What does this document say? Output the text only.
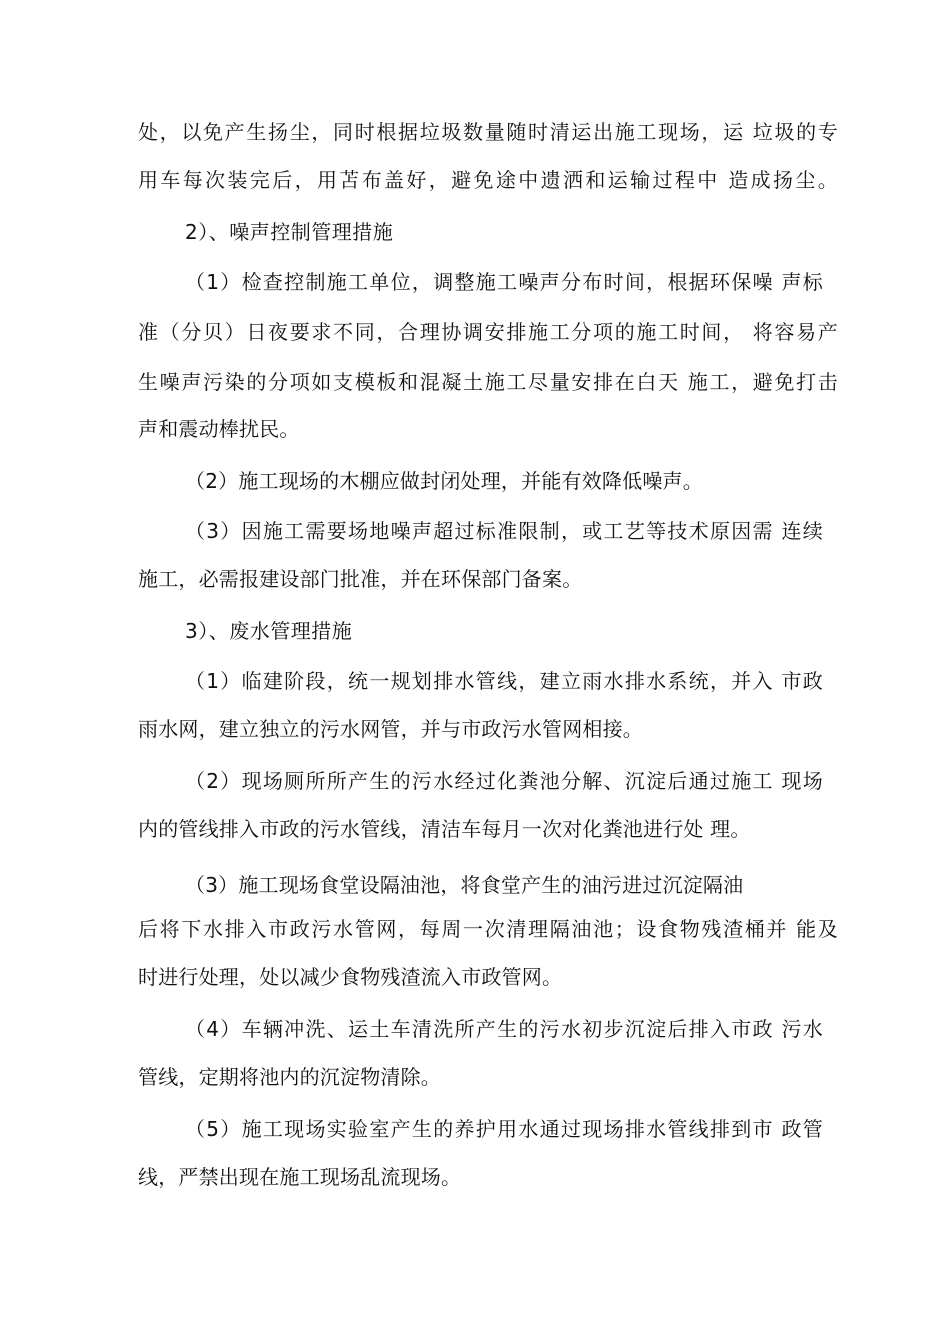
处，以免产生扬尘，同时根据垃圾数量随时清运出施工现场，运 垃圾的专
用车每次装完后，用苫布盖好，避免途中遗洒和运输过程中 造成扬尘。
2）、噪声控制管理措施
（1）检查控制施工单位，调整施工噪声分布时间，根据环保噪 声标
准（分贝）日夜要求不同，合理协调安排施工分项的施工时间， 将容易产
生噪声污染的分项如支模板和混凝土施工尽量安排在白天 施工，避免打击
声和震动棒扰民。
（2）施工现场的木棚应做封闭处理，并能有效降低噪声。
（3）因施工需要场地噪声超过标准限制，或工艺等技术原因需 连续
施工，必需报建设部门批准，并在环保部门备案。
3）、废水管理措施
（1）临建阶段，统一规划排水管线，建立雨水排水系统，并入 市政
雨水网，建立独立的污水网管，并与市政污水管网相接。
（2）现场厕所所产生的污水经过化粪池分解、沉淀后通过施工 现场
内的管线排入市政的污水管线，清洁车每月一次对化粪池进行处 理。
（3）施工现场食堂设隔油池，将食堂产生的油污进过沉淀隔油
后将下水排入市政污水管网，每周一次清理隔油池；设食物残渣桶并 能及
时进行处理，处以减少食物残渣流入市政管网。
（4）车辆冲洗、运土车清洗所产生的污水初步沉淀后排入市政 污水
管线，定期将池内的沉淀物清除。
（5）施工现场实验室产生的养护用水通过现场排水管线排到市 政管
线，严禁出现在施工现场乱流现场。
